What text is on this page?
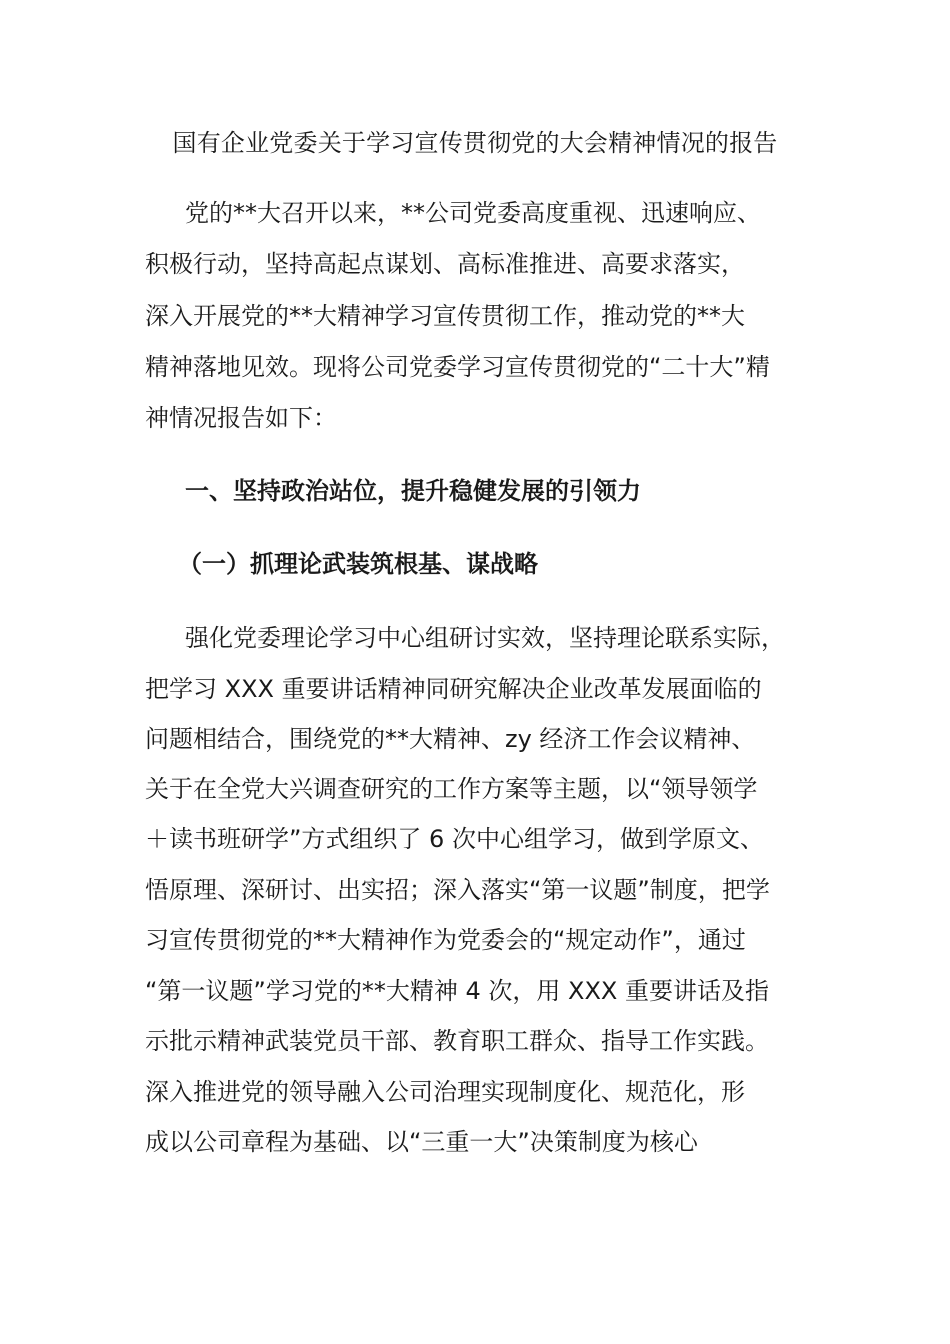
国有企业党委关于学习宣传贯彻党的大会精神情况的报告
党的**大召开以来，**公司党委高度重视、迅速响应、
积极行动，坚持高起点谋划、高标准推进、高要求落实，
深入开展党的**大精神学习宣传贯彻工作，推动党的**大
精神落地见效。现将公司党委学习宣传贯彻党的“二十大”精
神情况报告如下：
一、坚持政治站位，提升稳健发展的引领力
（一）抓理论武装筑根基、谋战略
强化党委理论学习中心组研讨实效，坚持理论联系实际，
把学习 XXX 重要讲话精神同研究解决企业改革发展面临的
问题相结合，围绕党的**大精神、zy 经济工作会议精神、
关于在全党大兴调查研究的工作方案等主题，以“领导领学
＋读书班研学”方式组织了 6 次中心组学习，做到学原文、
悟原理、深研讨、出实招；深入落实“第一议题”制度，把学
习宣传贯彻党的**大精神作为党委会的“规定动作”，通过
“第一议题”学习党的**大精神 4 次，用 XXX 重要讲话及指
示批示精神武装党员干部、教育职工群众、指导工作实践。
深入推进党的领导融入公司治理实现制度化、规范化，形
成以公司章程为基础、以“三重一大”决策制度为核心
